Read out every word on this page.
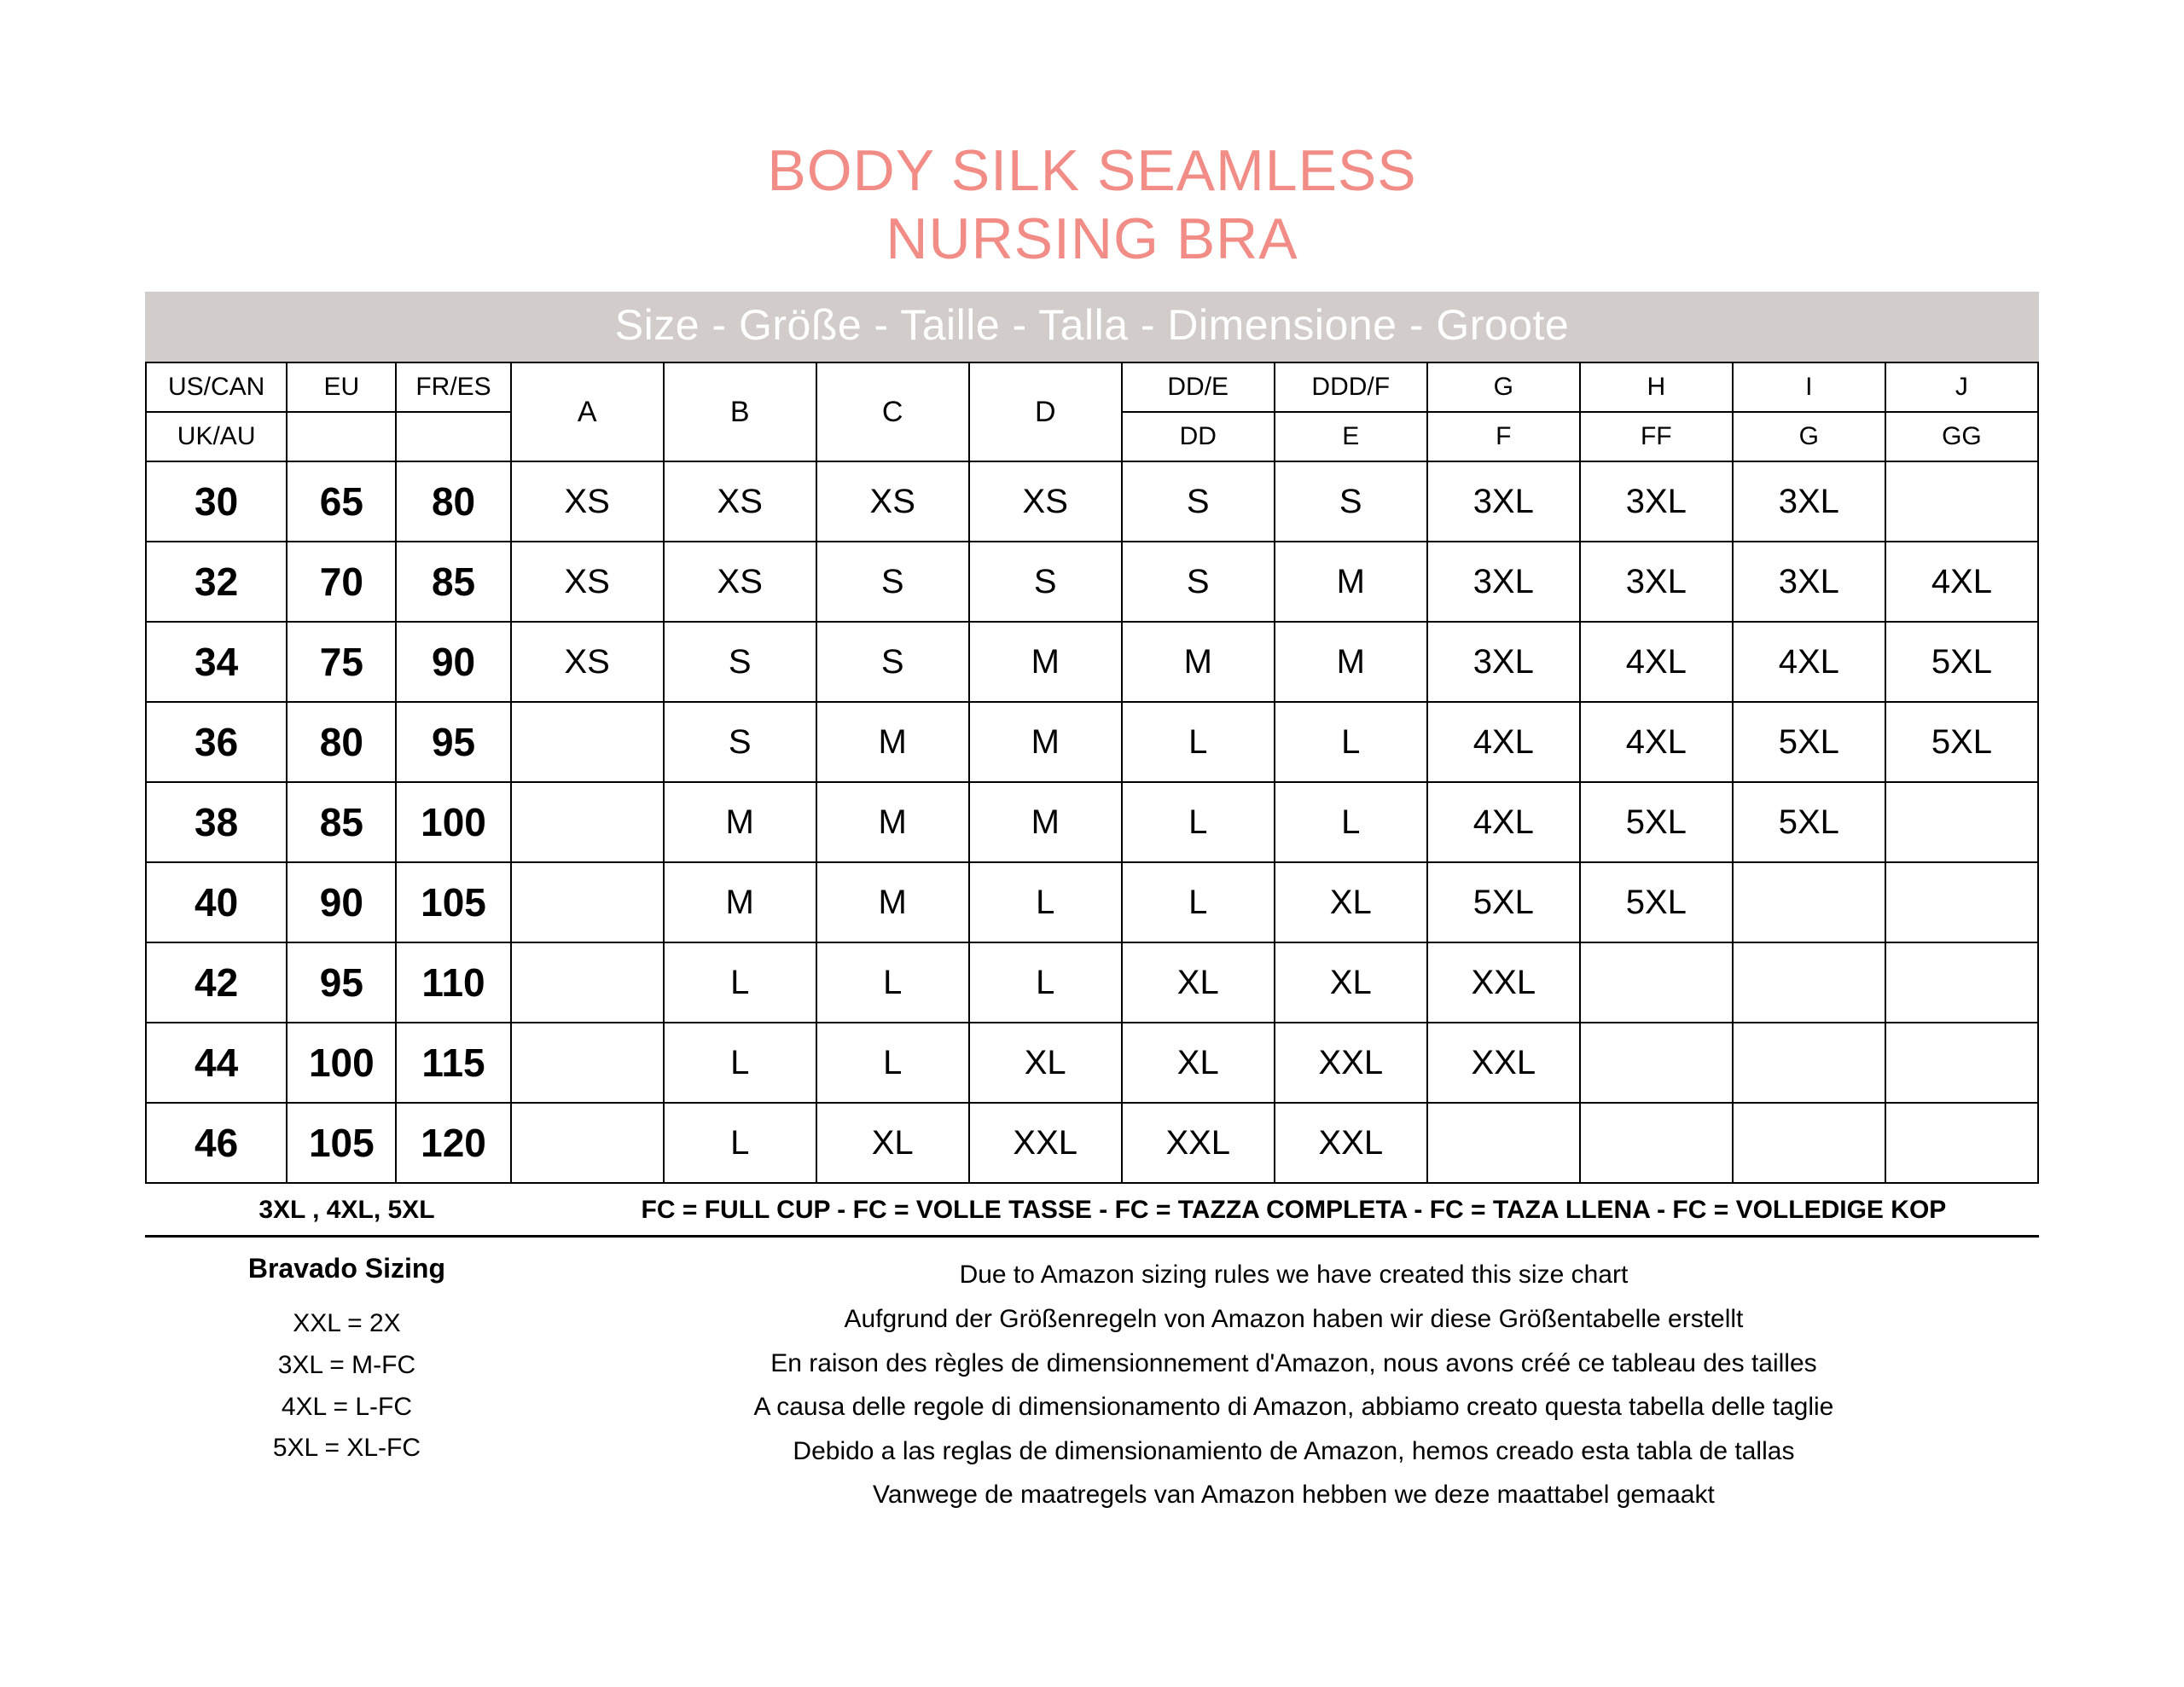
BODY SILK SEAMLESS
NURSING BRA
Size - Größe - Taille - Talla - Dimensione - Groote
US/CAN	EU	FR/ES	A	B	C	D	DD/E	DDD/F	G	H	I	J
UK/AU							DD	E	F	FF	G	GG
30	65	80	XS	XS	XS	XS	S	S	3XL	3XL	3XL	
32	70	85	XS	XS	S	S	S	M	3XL	3XL	3XL	4XL
34	75	90	XS	S	S	M	M	M	3XL	4XL	4XL	5XL
36	80	95		S	M	M	L	L	4XL	4XL	5XL	5XL
38	85	100		M	M	M	L	L	4XL	5XL	5XL	
40	90	105		M	M	L	L	XL	5XL	5XL		
42	95	110		L	L	L	XL	XL	XXL			
44	100	115		L	L	XL	XL	XXL	XXL			
46	105	120		L	XL	XXL	XXL	XXL				
3XL , 4XL, 5XL	FC = FULL CUP - FC = VOLLE TASSE - FC = TAZZA COMPLETA - FC = TAZA LLENA - FC = VOLLEDIGE KOP
Bravado Sizing
XXL = 2X
3XL = M-FC
4XL = L-FC
5XL = XL-FC
Due to Amazon sizing rules we have created this size chart
Aufgrund der Größenregeln von Amazon haben wir diese Größentabelle erstellt
En raison des règles de dimensionnement d'Amazon, nous avons créé ce tableau des tailles
A causa delle regole di dimensionamento di Amazon, abbiamo creato questa tabella delle taglie
Debido a las reglas de dimensionamiento de Amazon, hemos creado esta tabla de tallas
Vanwege de maatregels van Amazon hebben we deze maattabel gemaakt
